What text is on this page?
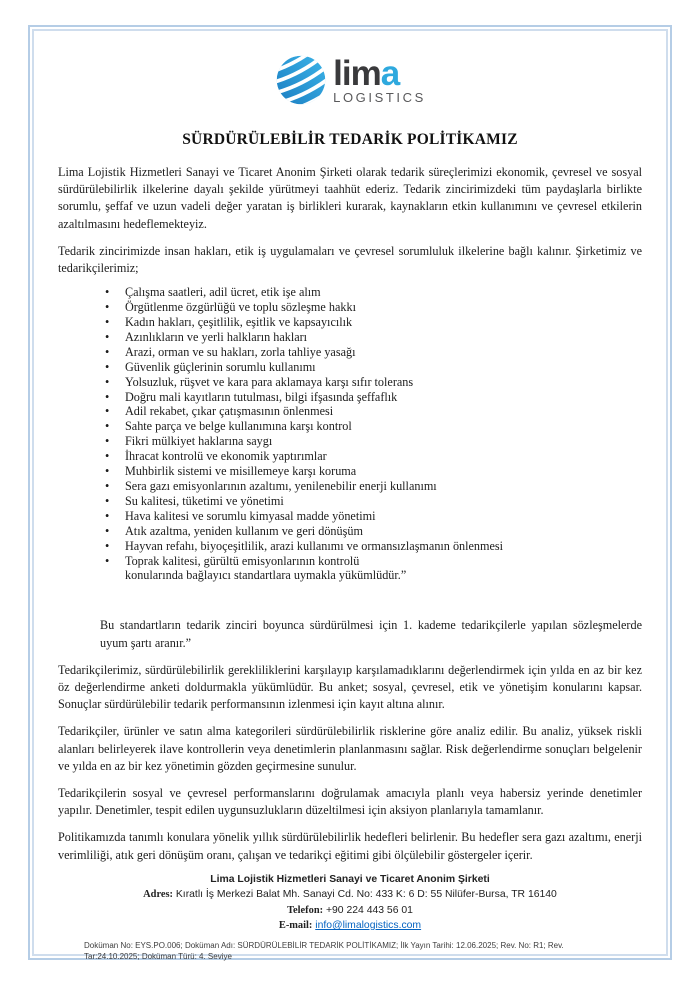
lima
LOGISTICS
SÜRDÜRÜLEBİLİR TEDARİK POLİTİKAMIZ

Lima Lojistik Hizmetleri Sanayi ve Ticaret Anonim Şirketi olarak tedarik süreçlerimizi ekonomik, çevresel ve sosyal sürdürülebilirlik ilkelerine dayalı şekilde yürütmeyi taahhüt ederiz. Tedarik zincirimizdeki tüm paydaşlarla birlikte sorumlu, şeffaf ve uzun vadeli değer yaratan iş birlikleri kurarak, kaynakların etkin kullanımını ve çevresel etkilerin azaltılmasını hedeflemekteyiz.

Tedarik zincirimizde insan hakları, etik iş uygulamaları ve çevresel sorumluluk ilkelerine bağlı kalınır. Şirketimiz ve tedarikçilerimiz;

• Çalışma saatleri, adil ücret, etik işe alım
• Örgütlenme özgürlüğü ve toplu sözleşme hakkı
• Kadın hakları, çeşitlilik, eşitlik ve kapsayıcılık
• Azınlıkların ve yerli halkların hakları
• Arazi, orman ve su hakları, zorla tahliye yasağı
• Güvenlik güçlerinin sorumlu kullanımı
• Yolsuzluk, rüşvet ve kara para aklamaya karşı sıfır tolerans
• Doğru mali kayıtların tutulması, bilgi ifşasında şeffaflık
• Adil rekabet, çıkar çatışmasının önlenmesi
• Sahte parça ve belge kullanımına karşı kontrol
• Fikri mülkiyet haklarına saygı
• İhracat kontrolü ve ekonomik yaptırımlar
• Muhbirlik sistemi ve misillemeye karşı koruma
• Sera gazı emisyonlarının azaltımı, yenilenebilir enerji kullanımı
• Su kalitesi, tüketimi ve yönetimi
• Hava kalitesi ve sorumlu kimyasal madde yönetimi
• Atık azaltma, yeniden kullanım ve geri dönüşüm
• Hayvan refahı, biyoçeşitlilik, arazi kullanımı ve ormansızlaşmanın önlenmesi
• Toprak kalitesi, gürültü emisyonlarının kontrolü
konularında bağlayıcı standartlara uymakla yükümlüdür.”

Bu standartların tedarik zinciri boyunca sürdürülmesi için 1. kademe tedarikçilerle yapılan sözleşmelerde uyum şartı aranır.”

Tedarikçilerimiz, sürdürülebilirlik gerekliliklerini karşılayıp karşılamadıklarını değerlendirmek için yılda en az bir kez öz değerlendirme anketi doldurmakla yükümlüdür. Bu anket; sosyal, çevresel, etik ve yönetişim konularını kapsar. Sonuçlar sürdürülebilir tedarik performansının izlenmesi için kayıt altına alınır.

Tedarikçiler, ürünler ve satın alma kategorileri sürdürülebilirlik risklerine göre analiz edilir. Bu analiz, yüksek riskli alanları belirleyerek ilave kontrollerin veya denetimlerin planlanmasını sağlar. Risk değerlendirme sonuçları belgelenir ve yılda en az bir kez yönetimin gözden geçirmesine sunulur.

Tedarikçilerin sosyal ve çevresel performanslarını doğrulamak amacıyla planlı veya habersiz yerinde denetimler yapılır. Denetimler, tespit edilen uygunsuzlukların düzeltilmesi için aksiyon planlarıyla tamamlanır.

Politikamızda tanımlı konulara yönelik yıllık sürdürülebilirlik hedefleri belirlenir. Bu hedefler sera gazı azaltımı, enerji verimliliği, atık geri dönüşüm oranı, çalışan ve tedarikçi eğitimi gibi ölçülebilir göstergeler içerir.

Lima Lojistik Hizmetleri Sanayi ve Ticaret Anonim Şirketi
Adres: Kıratlı İş Merkezi Balat Mh. Sanayi Cd. No: 433 K: 6 D: 55 Nilüfer-Bursa, TR 16140
Telefon: +90 224 443 56 01
E-mail: info@limalogistics.com
Doküman No: EYS.PO.006; Doküman Adı: SÜRDÜRÜLEBİLİR TEDARİK POLİTİKAMIZ; İlk Yayın Tarihi: 12.06.2025; Rev. No: R1; Rev. Tar:24.10.2025; Doküman Türü: 4. Seviye
